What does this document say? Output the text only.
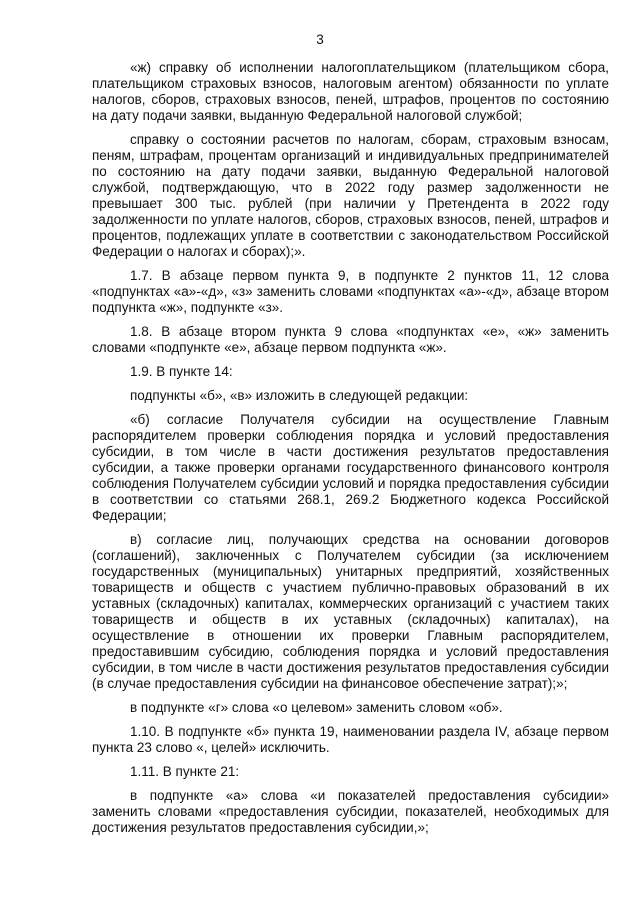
3

«ж) справку об исполнении налогоплательщиком (плательщиком сбора, плательщиком страховых взносов, налоговым агентом) обязанности по уплате налогов, сборов, страховых взносов, пеней, штрафов, процентов по состоянию на дату подачи заявки, выданную Федеральной налоговой службой;

справку о состоянии расчетов по налогам, сборам, страховым взносам, пеням, штрафам, процентам организаций и индивидуальных предпринимателей по состоянию на дату подачи заявки, выданную Федеральной налоговой службой, подтверждающую, что в 2022 году размер задолженности не превышает 300 тыс. рублей (при наличии у Претендента в 2022 году задолженности по уплате налогов, сборов, страховых взносов, пеней, штрафов и процентов, подлежащих уплате в соответствии с законодательством Российской Федерации о налогах и сборах);».

1.7. В абзаце первом пункта 9, в подпункте 2 пунктов 11, 12 слова «подпунктах «а»-«д», «з» заменить словами «подпунктах «а»-«д», абзаце втором подпункта «ж», подпункте «з».

1.8. В абзаце втором пункта 9 слова «подпунктах «е», «ж» заменить словами «подпункте «е», абзаце первом подпункта «ж».

1.9. В пункте 14:

подпункты «б», «в» изложить в следующей редакции:

«б) согласие Получателя субсидии на осуществление Главным распорядителем проверки соблюдения порядка и условий предоставления субсидии, в том числе в части достижения результатов предоставления субсидии, а также проверки органами государственного финансового контроля соблюдения Получателем субсидии условий и порядка предоставления субсидии в соответствии со статьями 268.1, 269.2 Бюджетного кодекса Российской Федерации;

в) согласие лиц, получающих средства на основании договоров (соглашений), заключенных с Получателем субсидии (за исключением государственных (муниципальных) унитарных предприятий, хозяйственных товариществ и обществ с участием публично-правовых образований в их уставных (складочных) капиталах, коммерческих организаций с участием таких товариществ и обществ в их уставных (складочных) капиталах), на осуществление в отношении их проверки Главным распорядителем, предоставившим субсидию, соблюдения порядка и условий предоставления субсидии, в том числе в части достижения результатов предоставления субсидии (в случае предоставления субсидии на финансовое обеспечение затрат);»;

в подпункте «г» слова «о целевом» заменить словом «об».

1.10. В подпункте «б» пункта 19, наименовании раздела IV, абзаце первом пункта 23 слово «, целей» исключить.

1.11. В пункте 21:

в подпункте «а» слова «и показателей предоставления субсидии» заменить словами «предоставления субсидии, показателей, необходимых для достижения результатов предоставления субсидии,»;
